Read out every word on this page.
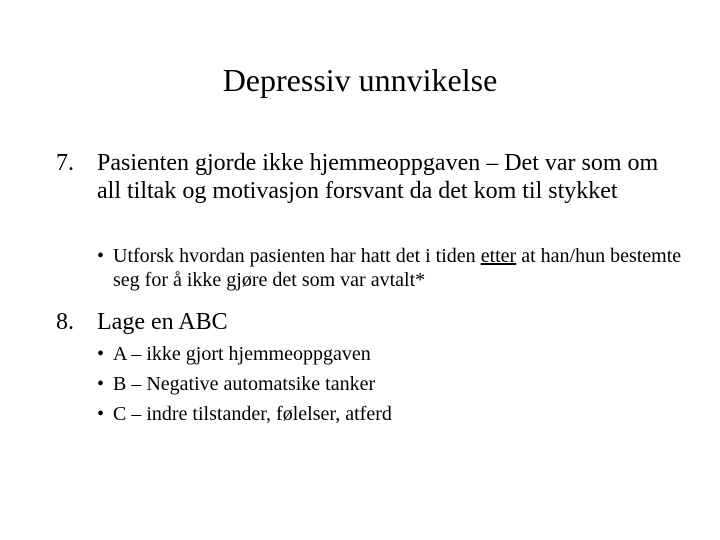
Depressiv unnvikelse
7. Pasienten gjorde ikke hjemmeoppgaven – Det var som om all tiltak og motivasjon forsvant da det kom til stykket
• Utforsk hvordan pasienten har hatt det i tiden etter at han/hun bestemte seg for å ikke gjøre det som var avtalt*
8. Lage en ABC
• A – ikke gjort hjemmeoppgaven
• B – Negative automatsike tanker
• C – indre tilstander, følelser, atferd
